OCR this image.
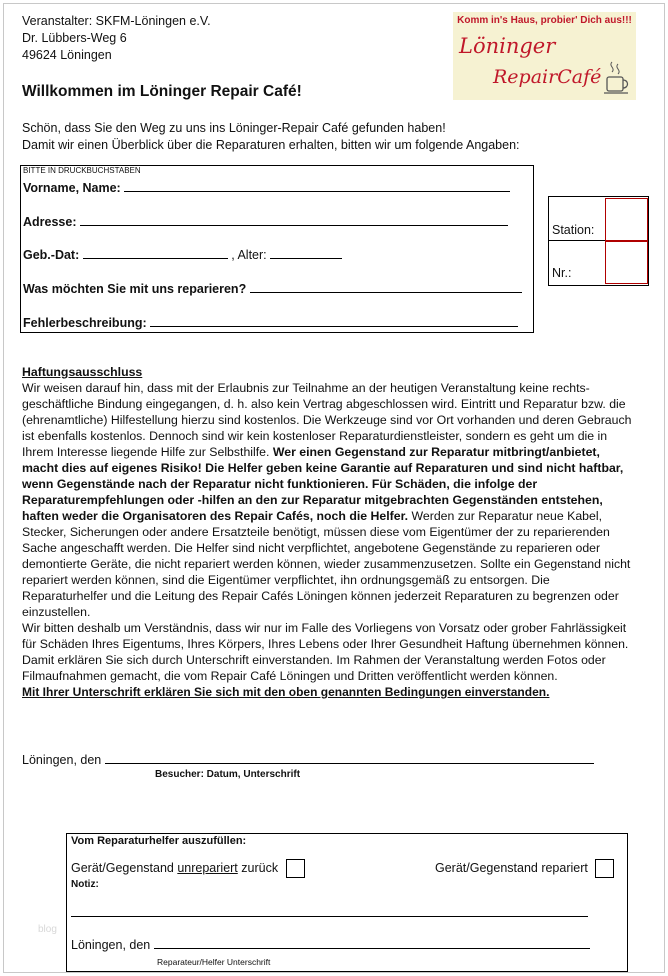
Veranstalter: SKFM-Löningen e.V.
Dr. Lübbers-Weg 6
49624 Löningen
Komm in's Haus, probier' Dich aus!!!
Löninger
RepairCafé
Willkommen im Löninger Repair Café!
Schön, dass Sie den Weg zu uns ins Löninger-Repair Café gefunden haben!
Damit wir einen Überblick über die Reparaturen erhalten, bitten wir um folgende Angaben:
BITTE IN DRUCKBUCHSTABEN
Vorname, Name:
Adresse:
Geb.-Dat:	, Alter:
Was möchten Sie mit uns reparieren?
Fehlerbeschreibung:
Station:
Nr.:

Haftungsausschluss

Wir weisen darauf hin, dass mit der Erlaubnis zur Teilnahme an der heutigen Veranstaltung keine rechts-geschäftliche Bindung eingegangen, d. h. also kein Vertrag abgeschlossen wird. Eintritt und Reparatur bzw. die (ehrenamtliche) Hilfestellung hierzu sind kostenlos. Die Werkzeuge sind vor Ort vorhanden und deren Gebrauch ist ebenfalls kostenlos. Dennoch sind wir kein kostenloser Reparaturdienstleister, sondern es geht um die in Ihrem Interesse liegende Hilfe zur Selbsthilfe. Wer einen Gegenstand zur Reparatur mitbringt/anbietet, macht dies auf eigenes Risiko! Die Helfer geben keine Garantie auf Reparaturen und sind nicht haftbar, wenn Gegenstände nach der Reparatur nicht funktionieren. Für Schäden, die infolge der Reparaturempfehlungen oder -hilfen an den zur Reparatur mitgebrachten Gegenständen entstehen, haften weder die Organisatoren des Repair Cafés, noch die Helfer. Werden zur Reparatur neue Kabel, Stecker, Sicherungen oder andere Ersatzteile benötigt, müssen diese vom Eigentümer der zu reparierenden Sache angeschafft werden. Die Helfer sind nicht verpflichtet, angebotene Gegenstände zu reparieren oder demontierte Geräte, die nicht repariert werden können, wieder zusammenzusetzen. Sollte ein Gegenstand nicht repariert werden können, sind die Eigentümer verpflichtet, ihn ordnungsgemäß zu entsorgen. Die Reparaturhelfer und die Leitung des Repair Cafés Löningen können jederzeit Reparaturen zu begrenzen oder einzustellen.

Wir bitten deshalb um Verständnis, dass wir nur im Falle des Vorliegens von Vorsatz oder grober Fahrlässigkeit für Schäden Ihres Eigentums, Ihres Körpers, Ihres Lebens oder Ihrer Gesundheit Haftung übernehmen können. Damit erklären Sie sich durch Unterschrift einverstanden. Im Rahmen der Veranstaltung werden Fotos oder Filmaufnahmen gemacht, die vom Repair Café Löningen und Dritten veröffentlicht werden können.

Mit Ihrer Unterschrift erklären Sie sich mit den oben genannten Bedingungen einverstanden.
Löningen, den
Besucher: Datum, Unterschrift
Vom Reparaturhelfer auszufüllen:
Gerät/Gegenstand unrepariert zurück	Gerät/Gegenstand repariert
Notiz:
Löningen, den
Reparateur/Helfer Unterschrift
blog
